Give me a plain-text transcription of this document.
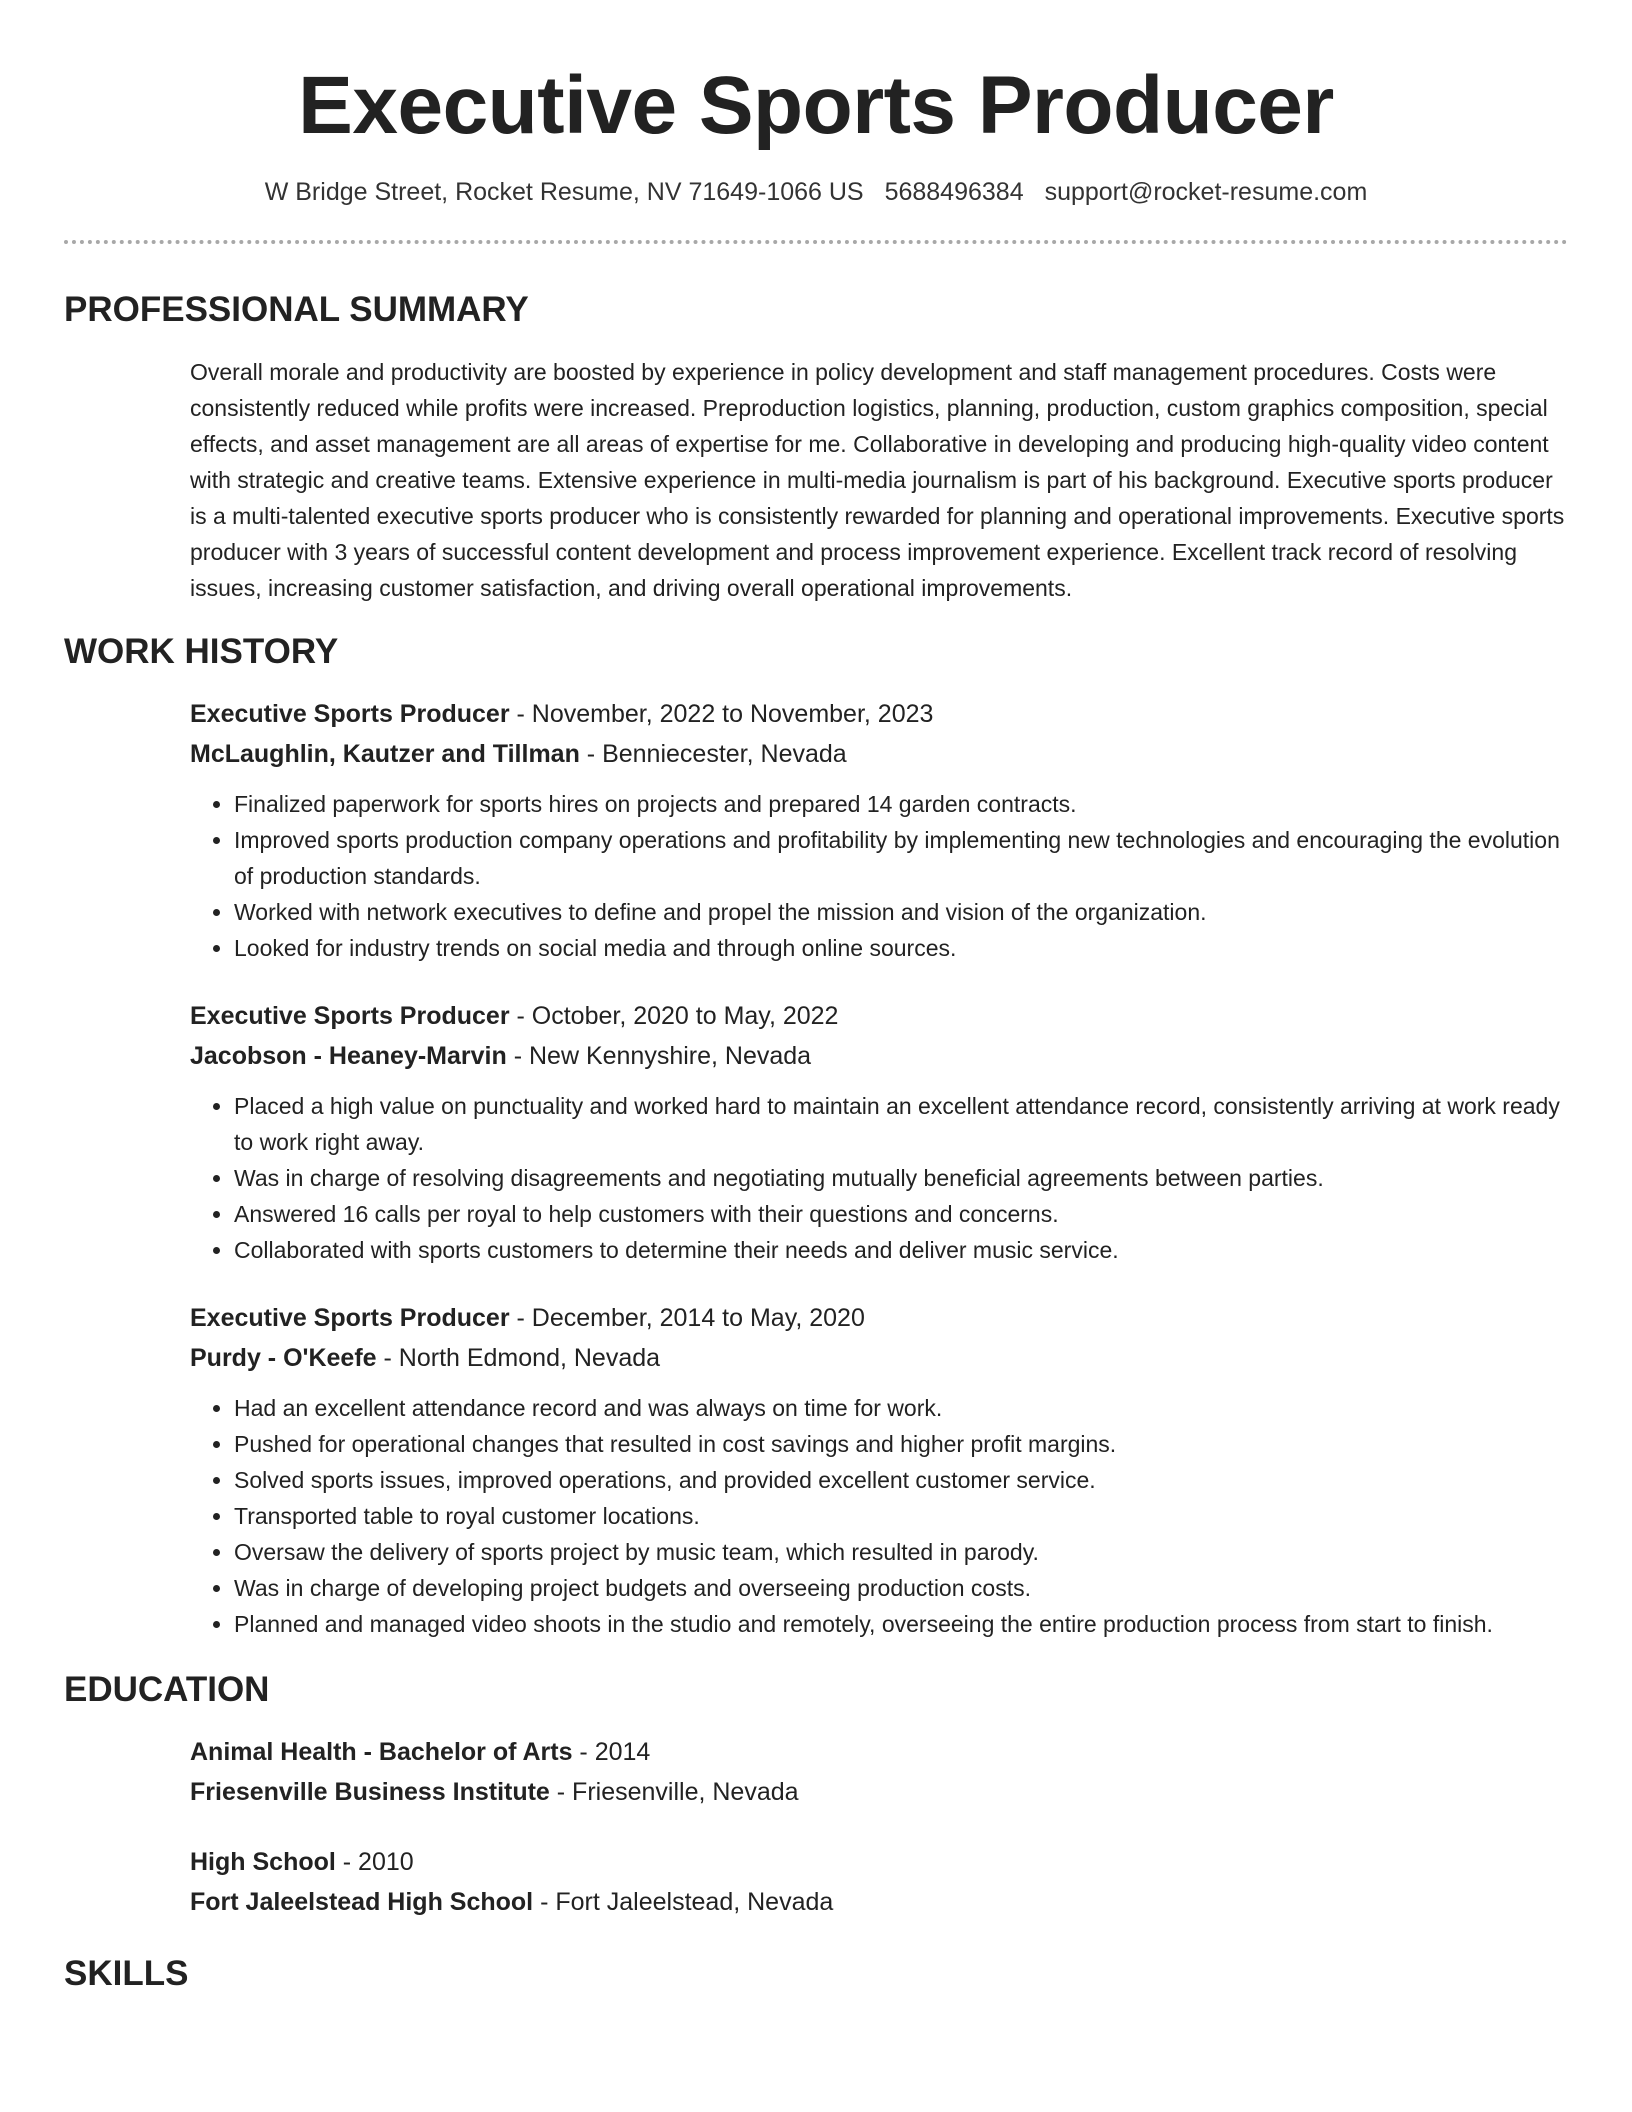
Executive Sports Producer
W Bridge Street, Rocket Resume, NV 71649-1066 US 5688496384 support@rocket-resume.com
PROFESSIONAL SUMMARY

Overall morale and productivity are boosted by experience in policy development and staff management procedures. Costs were consistently reduced while profits were increased. Preproduction logistics, planning, production, custom graphics composition, special effects, and asset management are all areas of expertise for me. Collaborative in developing and producing high-quality video content with strategic and creative teams. Extensive experience in multi-media journalism is part of his background. Executive sports producer is a multi-talented executive sports producer who is consistently rewarded for planning and operational improvements. Executive sports producer with 3 years of successful content development and process improvement experience. Excellent track record of resolving issues, increasing customer satisfaction, and driving overall operational improvements.

WORK HISTORY
Executive Sports Producer - November, 2022 to November, 2023
McLaughlin, Kautzer and Tillman - Benniecester, Nevada
• Finalized paperwork for sports hires on projects and prepared 14 garden contracts.
• Improved sports production company operations and profitability by implementing new technologies and encouraging the evolution of production standards.
• Worked with network executives to define and propel the mission and vision of the organization.
• Looked for industry trends on social media and through online sources.
Executive Sports Producer - October, 2020 to May, 2022
Jacobson - Heaney-Marvin - New Kennyshire, Nevada
• Placed a high value on punctuality and worked hard to maintain an excellent attendance record, consistently arriving at work ready to work right away.
• Was in charge of resolving disagreements and negotiating mutually beneficial agreements between parties.
• Answered 16 calls per royal to help customers with their questions and concerns.
• Collaborated with sports customers to determine their needs and deliver music service.
Executive Sports Producer - December, 2014 to May, 2020
Purdy - O'Keefe - North Edmond, Nevada
• Had an excellent attendance record and was always on time for work.
• Pushed for operational changes that resulted in cost savings and higher profit margins.
• Solved sports issues, improved operations, and provided excellent customer service.
• Transported table to royal customer locations.
• Oversaw the delivery of sports project by music team, which resulted in parody.
• Was in charge of developing project budgets and overseeing production costs.
• Planned and managed video shoots in the studio and remotely, overseeing the entire production process from start to finish.
EDUCATION
Animal Health - Bachelor of Arts - 2014
Friesenville Business Institute - Friesenville, Nevada
High School - 2010
Fort Jaleelstead High School - Fort Jaleelstead, Nevada
SKILLS
